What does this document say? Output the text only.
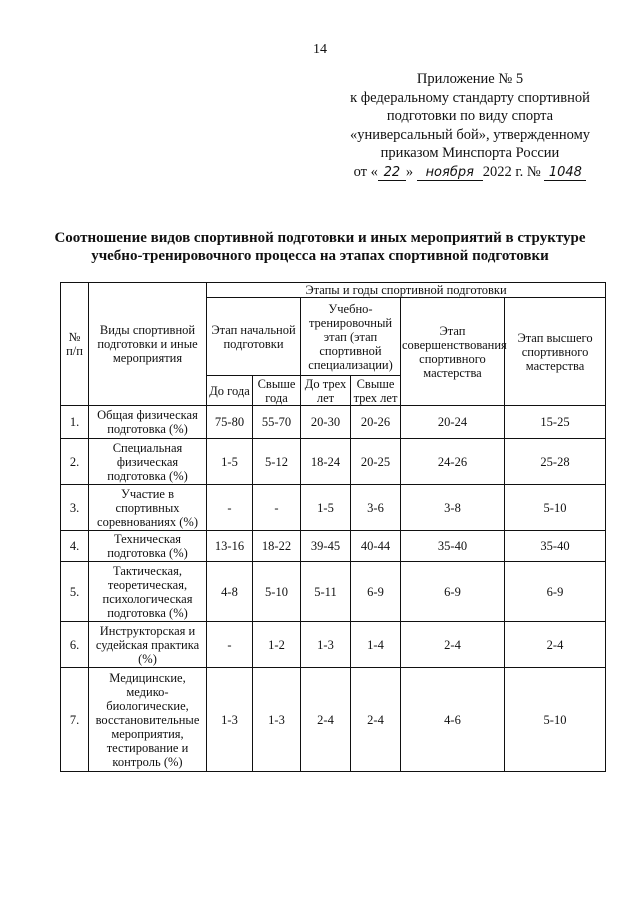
14
Приложение № 5
к федеральному стандарту спортивной
подготовки по виду спорта
«универсальный бой», утвержденному
приказом Минспорта России
от « 22 » ноября 2022 г. № 1048
Соотношение видов спортивной подготовки и иных мероприятий в структуре
учебно-тренировочного процесса на этапах спортивной подготовки
№ п/п	Виды спортивной подготовки и иные мероприятия	Этапы и годы спортивной подготовки					
		Этап начальной подготовки		Учебно-тренировочный этап (этап спортивной специализации)		Этап совершенствования спортивного мастерства	Этап высшего спортивного мастерства
		До года	Свыше года	До трех лет	Свыше трех лет		
1.	Общая физическая подготовка (%)	75-80	55-70	20-30	20-26	20-24	15-25
2.	Специальная физическая подготовка (%)	1-5	5-12	18-24	20-25	24-26	25-28
3.	Участие в спортивных соревнованиях (%)	-	-	1-5	3-6	3-8	5-10
4.	Техническая подготовка (%)	13-16	18-22	39-45	40-44	35-40	35-40
5.	Тактическая, теоретическая, психологическая подготовка (%)	4-8	5-10	5-11	6-9	6-9	6-9
6.	Инструкторская и судейская практика (%)	-	1-2	1-3	1-4	2-4	2-4
7.	Медицинские, медико-биологические, восстановительные мероприятия, тестирование и контроль (%)	1-3	1-3	2-4	2-4	4-6	5-10
